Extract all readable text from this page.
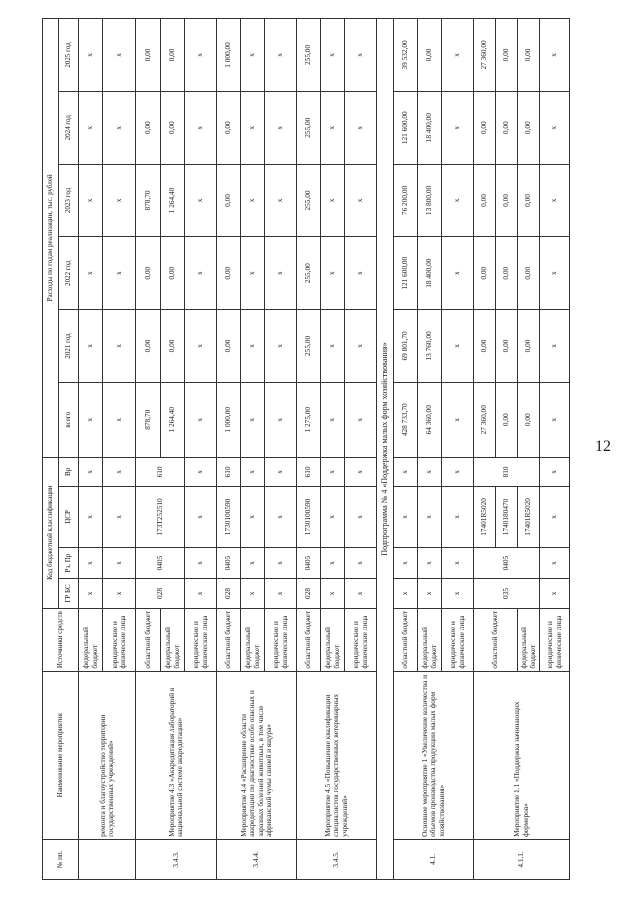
12
№ пп.	Наименование мероприятия	Источники средств	Код бюджетной классификации				Расходы по годам реализации, тыс. рублей					
			ГР БС	Рз, Пр	ЦСР	Вр	всего	2021 год	2022 год	2023 год	2024 год	2025 год
	ремонта и благоустройство территории государственных учреждений»	федеральный бюджет	x	x	x	x	x	x	x	x	x	x
		юридические и физические лица	x	x	x	x	x	x	x	x	x	x
3.4.3.	Мероприятие 4.3 «Аккредитация лабораторий в национальной системе аккредитации»	областной бюджет	028	0405	173Т252510	610	878,70	0,00	0,00	878,70	0,00	0,00
		федеральный бюджет					1 264,40	0,00	0,00	1 264,40	0,00	0,00
		юридические и физические лица	x	x	x	x	x	x	x	x	x	x
3.4.4.	Мероприятие 4.4 «Расширение области аккредитации по диагностике особо опасных и заразных болезней животных, в том числе африканской чумы свиней и ящура»	областной бюджет	028	0405	1730100590	610	1 000,00	0,00	0,00	0,00	0,00	1 000,00
		федеральный бюджет	x	x	x	x	x	x	x	x	x	x
		юридические и физические лица	x	x	x	x	x	x	x	x	x	x
3.4.5.	Мероприятие 4.5 «Повышение квалификации специалистов государственных ветеринарных учреждений»	областной бюджет	028	0405	1730100590	610	1 275,00	255,00	255,00	255,00	255,00	255,00
		федеральный бюджет	x	x	x	x	x	x	x	x	x	x
		юридические и физические лица	x	x	x	x	x	x	x	x	x	x
Подпрограмма № 4 «Поддержка малых форм хозяйствования»												
4.1.	Основное мероприятие 1 «Увеличение количества и объемов производства продукции малых форм хозяйствования»	областной бюджет	x	x	x	x	428 733,70	69 801,70	121 600,00	76 200,00	121 600,00	39 532,00
		федеральный бюджет	x	x	x	x	64 360,00	13 760,00	18 400,00	13 800,00	18 400,00	0,00
		юридические и физические лица	x	x	x	x	x	x	x	x	x	x
4.1.1.	Мероприятие 1.1 «Поддержка начинающих фермеров»	областной бюджет	035	0405	17401R5020	810	27 360,00	0,00	0,00	0,00	0,00	27 360,00
					1740180470		0,00	0,00	0,00	0,00	0,00	0,00
		федеральный бюджет			17401R5020		0,00	0,00	0,00	0,00	0,00	0,00
		юридические и физические лица	x	x	x	x	x	x	x	x	x	x
